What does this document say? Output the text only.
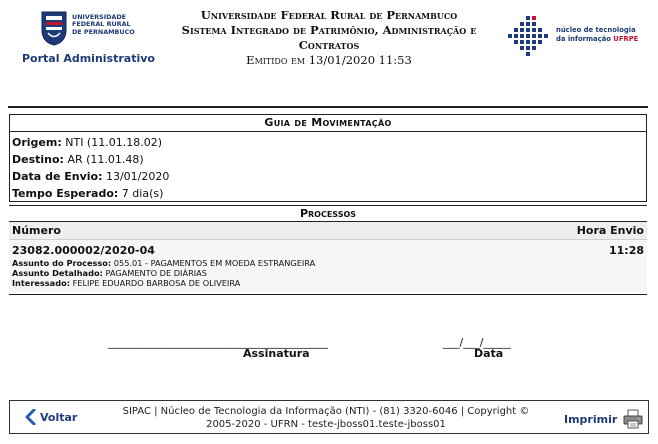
UNIVERSIDADE
FEDERAL RURAL
DE PERNAMBUCO
Portal Administrativo
Universidade Federal Rural de Pernambuco
Sistema Integrado de Patrimônio, Administração e
Contratos
Emitido em 13/01/2020 11:53
núcleo de tecnologia
da informação UFRPE
Guia de Movimentação
Origem: NTI (11.01.18.02)
Destino: AR (11.01.48)
Data de Envio: 13/01/2020
Tempo Esperado: 7 dia(s)
Processos
Número	Hora Envio
23082.000002/2020-04	11:28
Assunto do Processo: 055.01 - PAGAMENTOS EM MOEDA ESTRANGEIRA
Assunto Detalhado: PAGAMENTO DE DIÁRIAS
Interessado: FELIPE EDUARDO BARBOSA DE OLIVEIRA
________________________________________
Assinatura
___/___/_____
Data
Voltar	SIPAC | Núcleo de Tecnologia da Informação (NTI) - (81) 3320-6046 | Copyright ©
2005-2020 - UFRN - teste-jboss01.teste-jboss01	Imprimir
